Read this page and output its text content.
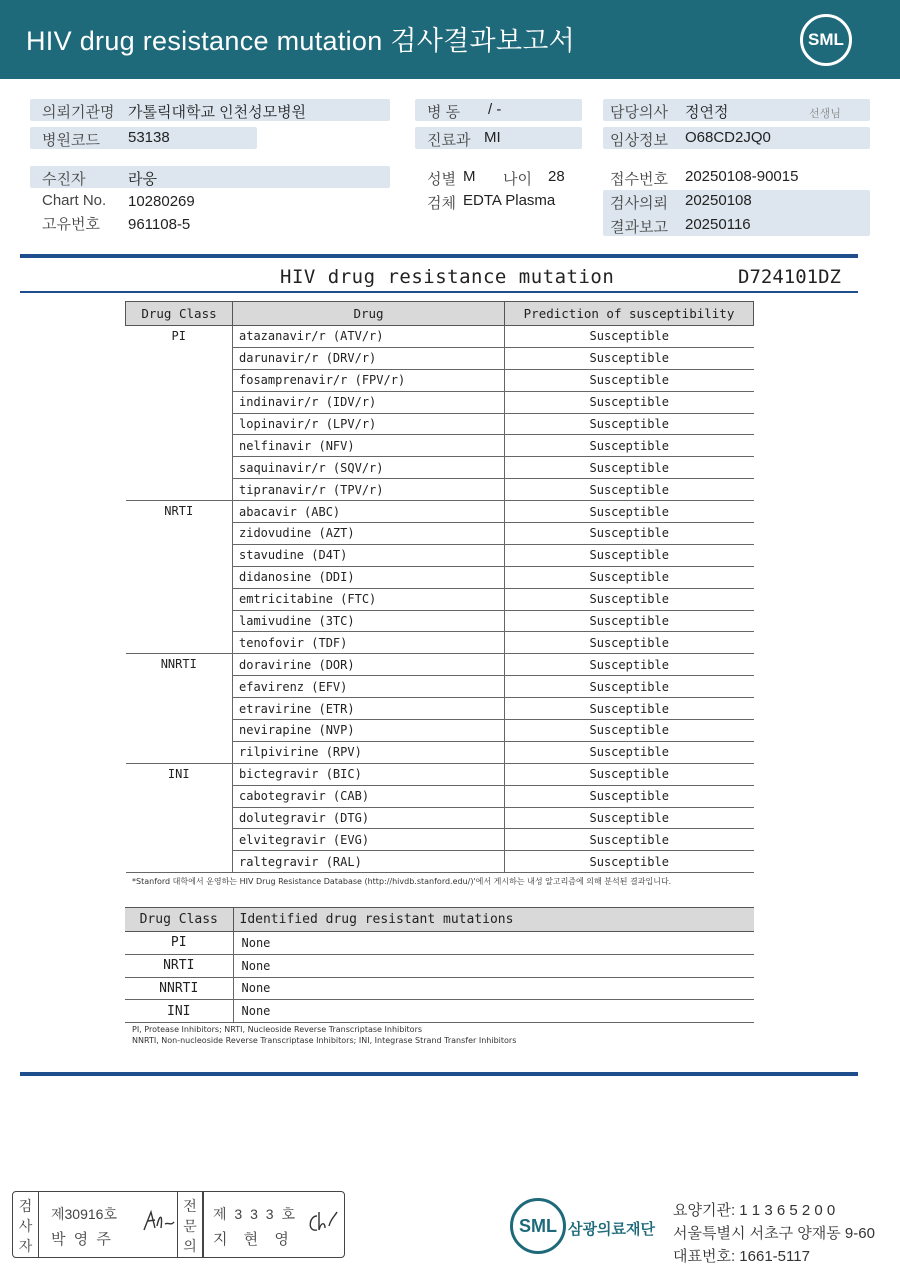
HIV drug resistance mutation 검사결과보고서	SML
의뢰기관명 가톨릭대학교 인천성모병원
병원코드 53138
병 동 / -
진료과 MI
담당의사 정연정	선생님
임상정보 O68CD2JQ0
수진자	라웅
Chart No. 10280269
고유번호 961108-5
성별 M 나이 28
검체 EDTA Plasma
접수번호 20250108-90015
검사의뢰 20250108
결과보고 20250116
HIV drug resistance mutation	D724101DZ
Drug Class	Drug	Prediction of susceptibility
PI	atazanavir/r (ATV/r)	Susceptible
	darunavir/r (DRV/r)	Susceptible
	fosamprenavir/r (FPV/r)	Susceptible
	indinavir/r (IDV/r)	Susceptible
	lopinavir/r (LPV/r)	Susceptible
	nelfinavir (NFV)	Susceptible
	saquinavir/r (SQV/r)	Susceptible
	tipranavir/r (TPV/r)	Susceptible
NRTI	abacavir (ABC)	Susceptible
	zidovudine (AZT)	Susceptible
	stavudine (D4T)	Susceptible
	didanosine (DDI)	Susceptible
	emtricitabine (FTC)	Susceptible
	lamivudine (3TC)	Susceptible
	tenofovir (TDF)	Susceptible
NNRTI	doravirine (DOR)	Susceptible
	efavirenz (EFV)	Susceptible
	etravirine (ETR)	Susceptible
	nevirapine (NVP)	Susceptible
	rilpivirine (RPV)	Susceptible
INI	bictegravir (BIC)	Susceptible
	cabotegravir (CAB)	Susceptible
	dolutegravir (DTG)	Susceptible
	elvitegravir (EVG)	Susceptible
	raltegravir (RAL)	Susceptible
*Stanford 대학에서 운영하는 HIV Drug Resistance Database (http://hivdb.stanford.edu/)'에서 게시하는 내성 알고리즘에 의해 분석된 결과입니다.
Drug Class	Identified drug resistant mutations
PI	None
NRTI	None
NNRTI	None
INI	None
PI, Protease Inhibitors; NRTI, Nucleoside Reverse Transcriptase Inhibitors
NNRTI, Non-nucleoside Reverse Transcriptase Inhibitors; INI, Integrase Strand Transfer Inhibitors
검사자
제30916호
박 영 주
전문의
제 3 3 3 호
지 현 영
SML 삼광의료재단
요양기관: 1 1 3 6 5 2 0 0
서울특별시 서초구 양재동 9-60
대표번호: 1661-5117
